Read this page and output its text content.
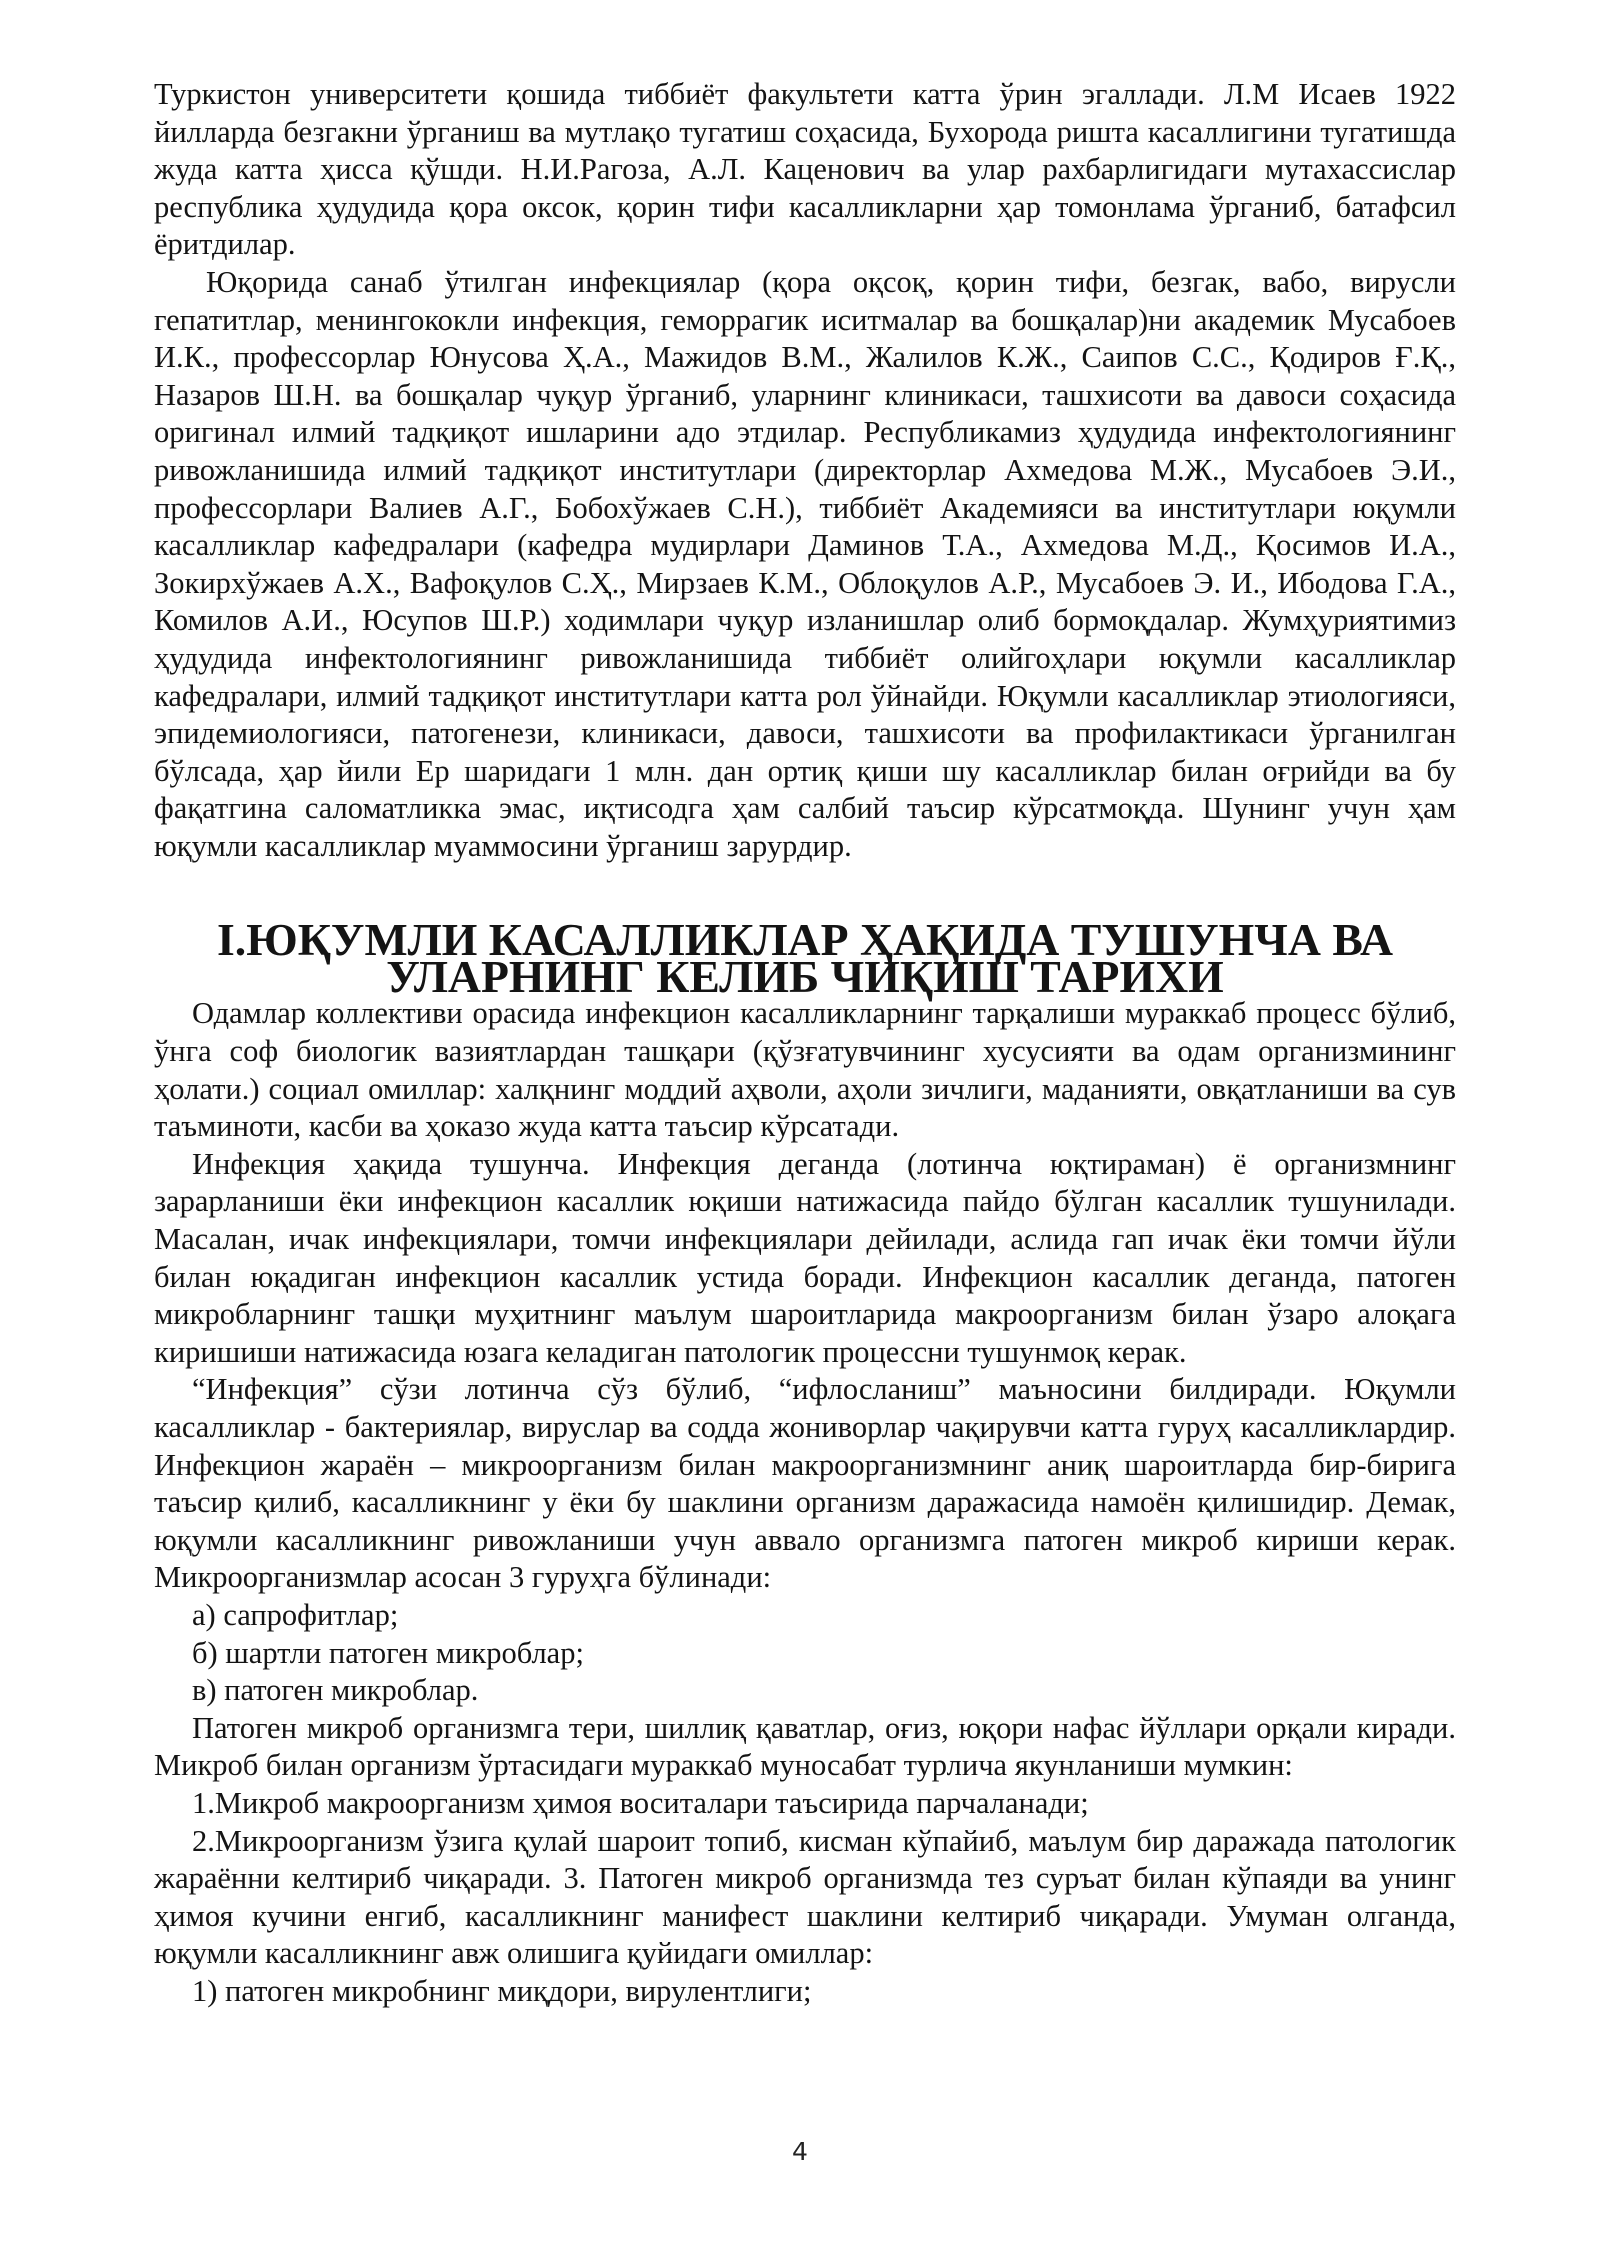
Туркистон университети қошида тиббиёт факультети катта ўрин эгаллади. Л.М Исаев 1922 йилларда безгакни ўрганиш ва мутлақо тугатиш соҳасида, Бухорода ришта касаллигини тугатишда жуда катта ҳисса қўшди. Н.И.Рагоза, А.Л. Каценович ва улар рахбарлигидаги мутахассислар республика ҳудудида қора оксок, қорин тифи касалликларни ҳар томонлама ўрганиб, батафсил ёритдилар.

Юқорида санаб ўтилган инфекциялар (қора оқсоқ, қорин тифи, безгак, вабо, вирусли гепатитлар, менингококли инфекция, геморрагик иситмалар ва бошқалар)ни академик Мусабоев И.К., профессорлар Юнусова Ҳ.А., Мажидов В.М., Жалилов К.Ж., Саипов С.С., Қодиров Ғ.Қ., Назаров Ш.Н. ва бошқалар чуқур ўрганиб, уларнинг клиникаси, ташхисоти ва давоси соҳасида оригинал илмий тадқиқот ишларини адо этдилар. Республикамиз ҳудудида инфектологиянинг ривожланишида илмий тадқиқот институтлари (директорлар Ахмедова М.Ж., Мусабоев Э.И., профессорлари Валиев А.Г., Бобохўжаев С.Н.), тиббиёт Академияси ва институтлари юқумли касалликлар кафедралари (кафедра мудирлари Даминов Т.А., Ахмедова М.Д., Қосимов И.А., Зокирхўжаев А.Х., Вафоқулов С.Ҳ., Мирзаев К.М., Облоқулов А.Р., Мусабоев Э. И., Ибодова Г.А., Комилов А.И., Юсупов Ш.Р.) ходимлари чуқур изланишлар олиб бормоқдалар. Жумҳуриятимиз ҳудудида инфектологиянинг ривожланишида тиббиёт олийгоҳлари юқумли касалликлар кафедралари, илмий тадқиқот институтлари катта рол ўйнайди. Юқумли касалликлар этиологияси, эпидемиологияси, патогенези, клиникаси, давоси, ташхисоти ва профилактикаси ўрганилган бўлсада, ҳар йили Ер шаридаги 1 млн. дан ортиқ қиши шу касалликлар билан оғрийди ва бу фақатгина саломатликка эмас, иқтисодга ҳам салбий таъсир кўрсатмоқда. Шунинг учун ҳам юқумли касалликлар муаммосини ўрганиш зарурдир.

I.ЮҚУМЛИ КАСАЛЛИКЛАР ҲАҚИДА ТУШУНЧА ВА УЛАРНИНГ КЕЛИБ ЧИҚИШ ТАРИХИ

Одамлар коллективи орасида инфекцион касалликларнинг тарқалиши мураккаб процесс бўлиб, ўнга соф биологик вазиятлардан ташқари (қўзғатувчининг хусусияти ва одам организмининг ҳолати.) социал омиллар: халқнинг моддий аҳволи, аҳоли зичлиги, маданияти, овқатланиши ва сув таъминоти, касби ва ҳоказо жуда катта таъсир кўрсатади.

Инфекция ҳақида тушунча. Инфекция деганда (лотинча юқтираман) ё организмнинг зарарланиши ёки инфекцион касаллик юқиши натижасида пайдо бўлган касаллик тушунилади. Масалан, ичак инфекциялари, томчи инфекциялари дейилади, аслида гап ичак ёки томчи йўли билан юқадиган инфекцион касаллик устида боради. Инфекцион касаллик деганда, патоген микробларнинг ташқи муҳитнинг маълум шароитларида макроорганизм билан ўзаро алоқага киришиши натижасида юзага келадиган патологик процессни тушунмоқ керак.

“Инфекция” сўзи лотинча сўз бўлиб, “ифлосланиш” маъносини билдиради. Юқумли касалликлар - бактериялар, вируслар ва содда жониворлар чақирувчи катта гуруҳ касалликлардир. Инфекцион жараён – микроорганизм билан макроорганизмнинг аниқ шароитларда бир-бирига таъсир қилиб, касалликнинг у ёки бу шаклини организм даражасида намоён қилишидир. Демак, юқумли касалликнинг ривожланиши учун аввало организмга патоген микроб кириши керак. Микроорганизмлар асосан 3 гуруҳга бўлинади:

а) сапрофитлар;

б) шартли патоген микроблар;

в) патоген микроблар.

Патоген микроб организмга тери, шиллиқ қаватлар, оғиз, юқори нафас йўллари орқали киради. Микроб билан организм ўртасидаги мураккаб муносабат турлича якунланиши мумкин:

1.Микроб макроорганизм ҳимоя воситалари таъсирида парчаланади;

2.Микроорганизм ўзига қулай шароит топиб, кисман кўпайиб, маълум бир даражада патологик жараённи келтириб чиқаради. 3. Патоген микроб организмда тез суръат билан кўпаяди ва унинг ҳимоя кучини енгиб, касалликнинг манифест шаклини келтириб чиқаради. Умуман олганда, юқумли касалликнинг авж олишига қуйидаги омиллар:

1) патоген микробнинг миқдори, вирулентлиги;

4
